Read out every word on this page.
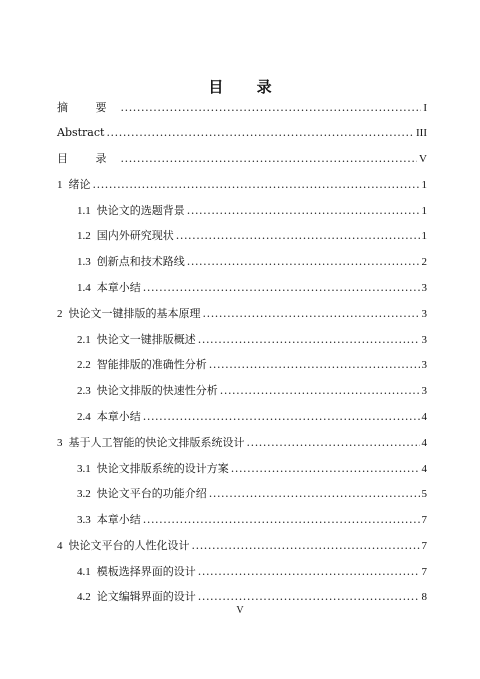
目 录
摘 要 .....	I
Abstract .....	III
目 录 .....	V
1 绪论 .....	1
1.1 快论文的选题背景 .....	1
1.2 国内外研究现状 .....	1
1.3 创新点和技术路线 .....	2
1.4 本章小结 .....	3
2 快论文一键排版的基本原理 .....	3
2.1 快论文一键排版概述 .....	3
2.2 智能排版的准确性分析 .....	3
2.3 快论文排版的快速性分析 .....	3
2.4 本章小结 .....	4
3 基于人工智能的快论文排版系统设计 .....	4
3.1 快论文排版系统的设计方案 .....	4
3.2 快论文平台的功能介绍 .....	5
3.3 本章小结 .....	7
4 快论文平台的人性化设计 .....	7
4.1 模板选择界面的设计 .....	7
4.2 论文编辑界面的设计 .....	8
V
